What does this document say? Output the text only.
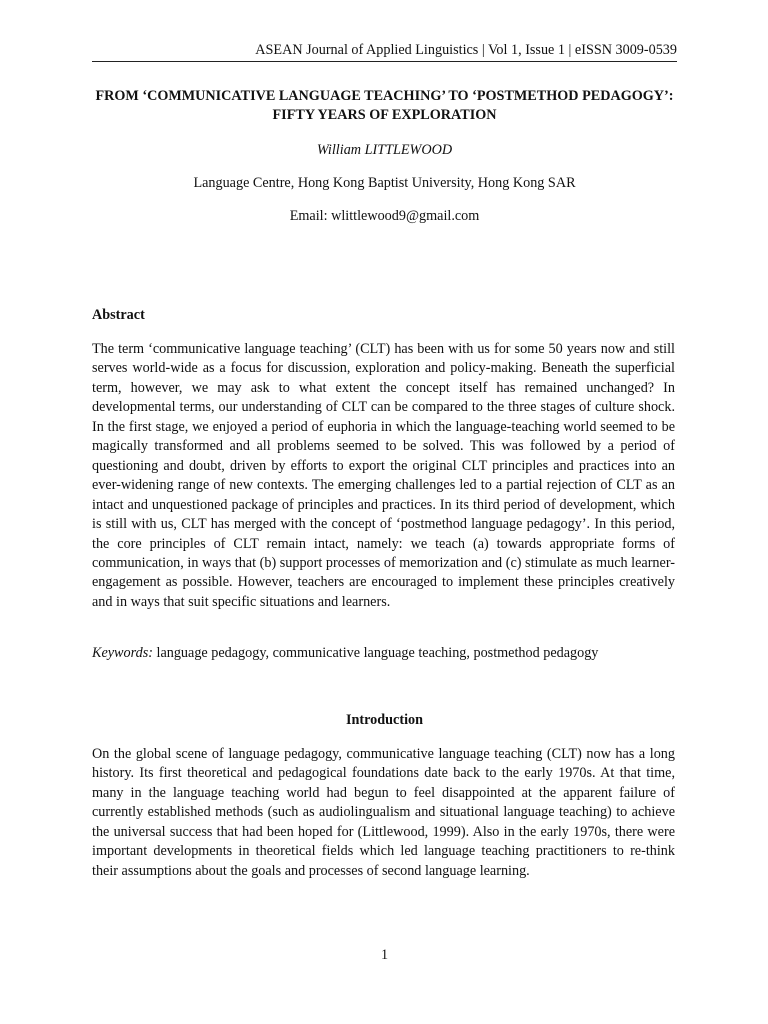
ASEAN Journal of Applied Linguistics | Vol 1, Issue 1 | eISSN 3009-0539
FROM ‘COMMUNICATIVE LANGUAGE TEACHING’ TO ‘POSTMETHOD PEDAGOGY’: FIFTY YEARS OF EXPLORATION
William LITTLEWOOD
Language Centre, Hong Kong Baptist University, Hong Kong SAR
Email: wlittlewood9@gmail.com
Abstract

The term ‘communicative language teaching’ (CLT) has been with us for some 50 years now and still serves world-wide as a focus for discussion, exploration and policy-making. Beneath the superficial term, however, we may ask to what extent the concept itself has remained unchanged? In developmental terms, our understanding of CLT can be compared to the three stages of culture shock. In the first stage, we enjoyed a period of euphoria in which the language-teaching world seemed to be magically transformed and all problems seemed to be solved. This was followed by a period of questioning and doubt, driven by efforts to export the original CLT principles and practices into an ever-widening range of new contexts. The emerging challenges led to a partial rejection of CLT as an intact and unquestioned package of principles and practices. In its third period of development, which is still with us, CLT has merged with the concept of ‘postmethod language pedagogy’. In this period, the core principles of CLT remain intact, namely: we teach (a) towards appropriate forms of communication, in ways that (b) support processes of memorization and (c) stimulate as much learner-engagement as possible. However, teachers are encouraged to implement these principles creatively and in ways that suit specific situations and learners.

Keywords: language pedagogy, communicative language teaching, postmethod pedagogy

Introduction

On the global scene of language pedagogy, communicative language teaching (CLT) now has a long history. Its first theoretical and pedagogical foundations date back to the early 1970s. At that time, many in the language teaching world had begun to feel disappointed at the apparent failure of currently established methods (such as audiolingualism and situational language teaching) to achieve the universal success that had been hoped for (Littlewood, 1999). Also in the early 1970s, there were important developments in theoretical fields which led language teaching practitioners to re-think their assumptions about the goals and processes of second language learning.

1
